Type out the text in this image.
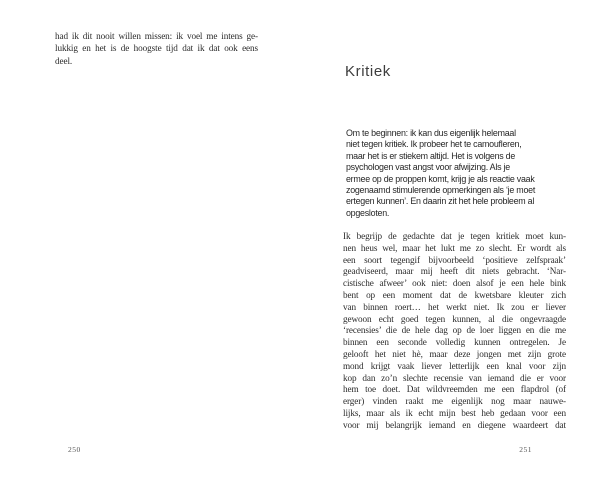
had ik dit nooit willen missen: ik voel me intens ge-
lukkig en het is de hoogste tijd dat ik dat ook eens
deel.
250
Kritiek
Om te beginnen: ik kan dus eigenlijk helemaal
niet tegen kritiek. Ik probeer het te camoufleren,
maar het is er stiekem altijd. Het is volgens de
psychologen vast angst voor afwijzing. Als je
ermee op de proppen komt, krijg je als reactie vaak
zogenaamd stimulerende opmerkingen als ‘je moet
ertegen kunnen’. En daarin zit het hele probleem al
opgesloten.
Ik begrijp de gedachte dat je tegen kritiek moet kun-
nen heus wel, maar het lukt me zo slecht. Er wordt als
een soort tegengif bijvoorbeeld ‘positieve zelfspraak’
geadviseerd, maar mij heeft dit niets gebracht. ‘Nar-
cistische afweer’ ook niet: doen alsof je een hele bink
bent op een moment dat de kwetsbare kleuter zich
van binnen roert… het werkt niet. Ik zou er liever
gewoon echt goed tegen kunnen, al die ongevraagde
‘recensies’ die de hele dag op de loer liggen en die me
binnen een seconde volledig kunnen ontregelen. Je
gelooft het niet hè, maar deze jongen met zijn grote
mond krijgt vaak liever letterlijk een knal voor zijn
kop dan zo’n slechte recensie van iemand die er voor
hem toe doet. Dat wildvreemden me een flapdrol (of
erger) vinden raakt me eigenlijk nog maar nauwe-
lijks, maar als ik echt mijn best heb gedaan voor een
voor mij belangrijk iemand en diegene waardeert dat
251
